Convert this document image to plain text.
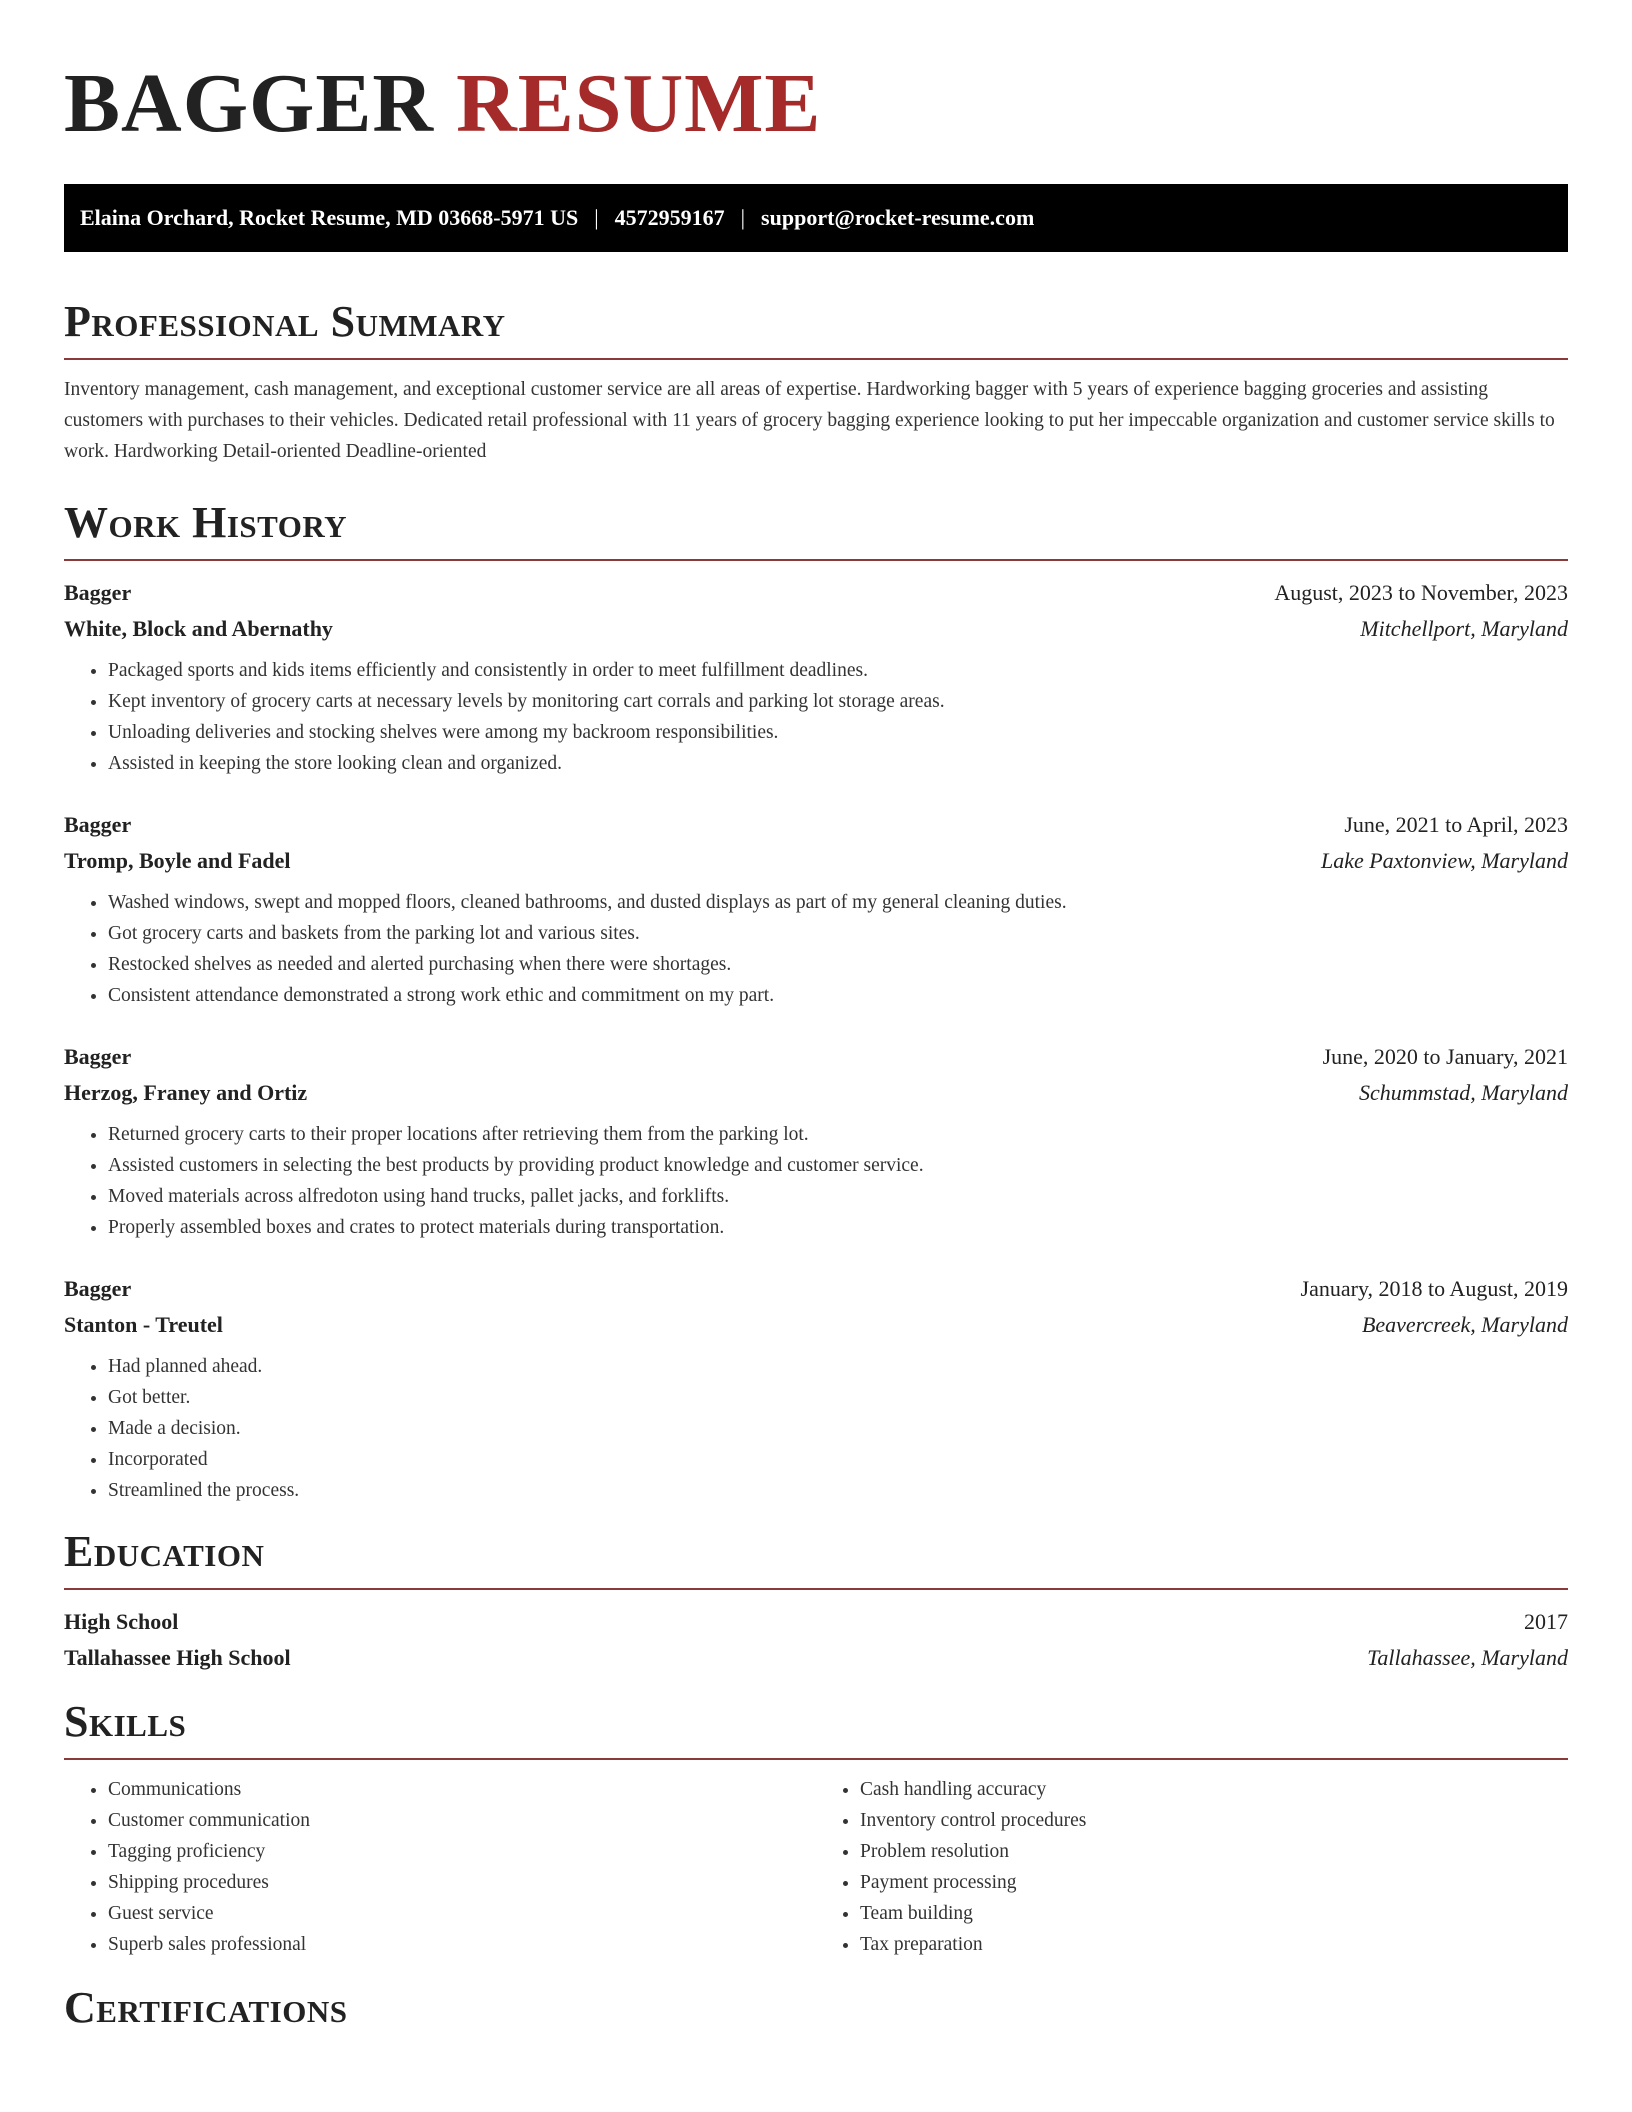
BAGGER RESUME
Elaina Orchard, Rocket Resume, MD 03668-5971 US | 4572959167 | support@rocket-resume.com
Professional Summary

Inventory management, cash management, and exceptional customer service are all areas of expertise. Hardworking bagger with 5 years of experience bagging groceries and assisting customers with purchases to their vehicles. Dedicated retail professional with 11 years of grocery bagging experience looking to put her impeccable organization and customer service skills to work. Hardworking Detail-oriented Deadline-oriented

Work History
Bagger	August, 2023 to November, 2023
White, Block and Abernathy	Mitchellport, Maryland
• Packaged sports and kids items efficiently and consistently in order to meet fulfillment deadlines.
• Kept inventory of grocery carts at necessary levels by monitoring cart corrals and parking lot storage areas.
• Unloading deliveries and stocking shelves were among my backroom responsibilities.
• Assisted in keeping the store looking clean and organized.
Bagger	June, 2021 to April, 2023
Tromp, Boyle and Fadel	Lake Paxtonview, Maryland
• Washed windows, swept and mopped floors, cleaned bathrooms, and dusted displays as part of my general cleaning duties.
• Got grocery carts and baskets from the parking lot and various sites.
• Restocked shelves as needed and alerted purchasing when there were shortages.
• Consistent attendance demonstrated a strong work ethic and commitment on my part.
Bagger	June, 2020 to January, 2021
Herzog, Franey and Ortiz	Schummstad, Maryland
• Returned grocery carts to their proper locations after retrieving them from the parking lot.
• Assisted customers in selecting the best products by providing product knowledge and customer service.
• Moved materials across alfredoton using hand trucks, pallet jacks, and forklifts.
• Properly assembled boxes and crates to protect materials during transportation.
Bagger	January, 2018 to August, 2019
Stanton - Treutel	Beavercreek, Maryland
• Had planned ahead.
• Got better.
• Made a decision.
• Incorporated
• Streamlined the process.
Education
High School	2017
Tallahassee High School	Tallahassee, Maryland
Skills
• Communications
• Customer communication
• Tagging proficiency
• Shipping procedures
• Guest service
• Superb sales professional
• Cash handling accuracy
• Inventory control procedures
• Problem resolution
• Payment processing
• Team building
• Tax preparation
Certifications
